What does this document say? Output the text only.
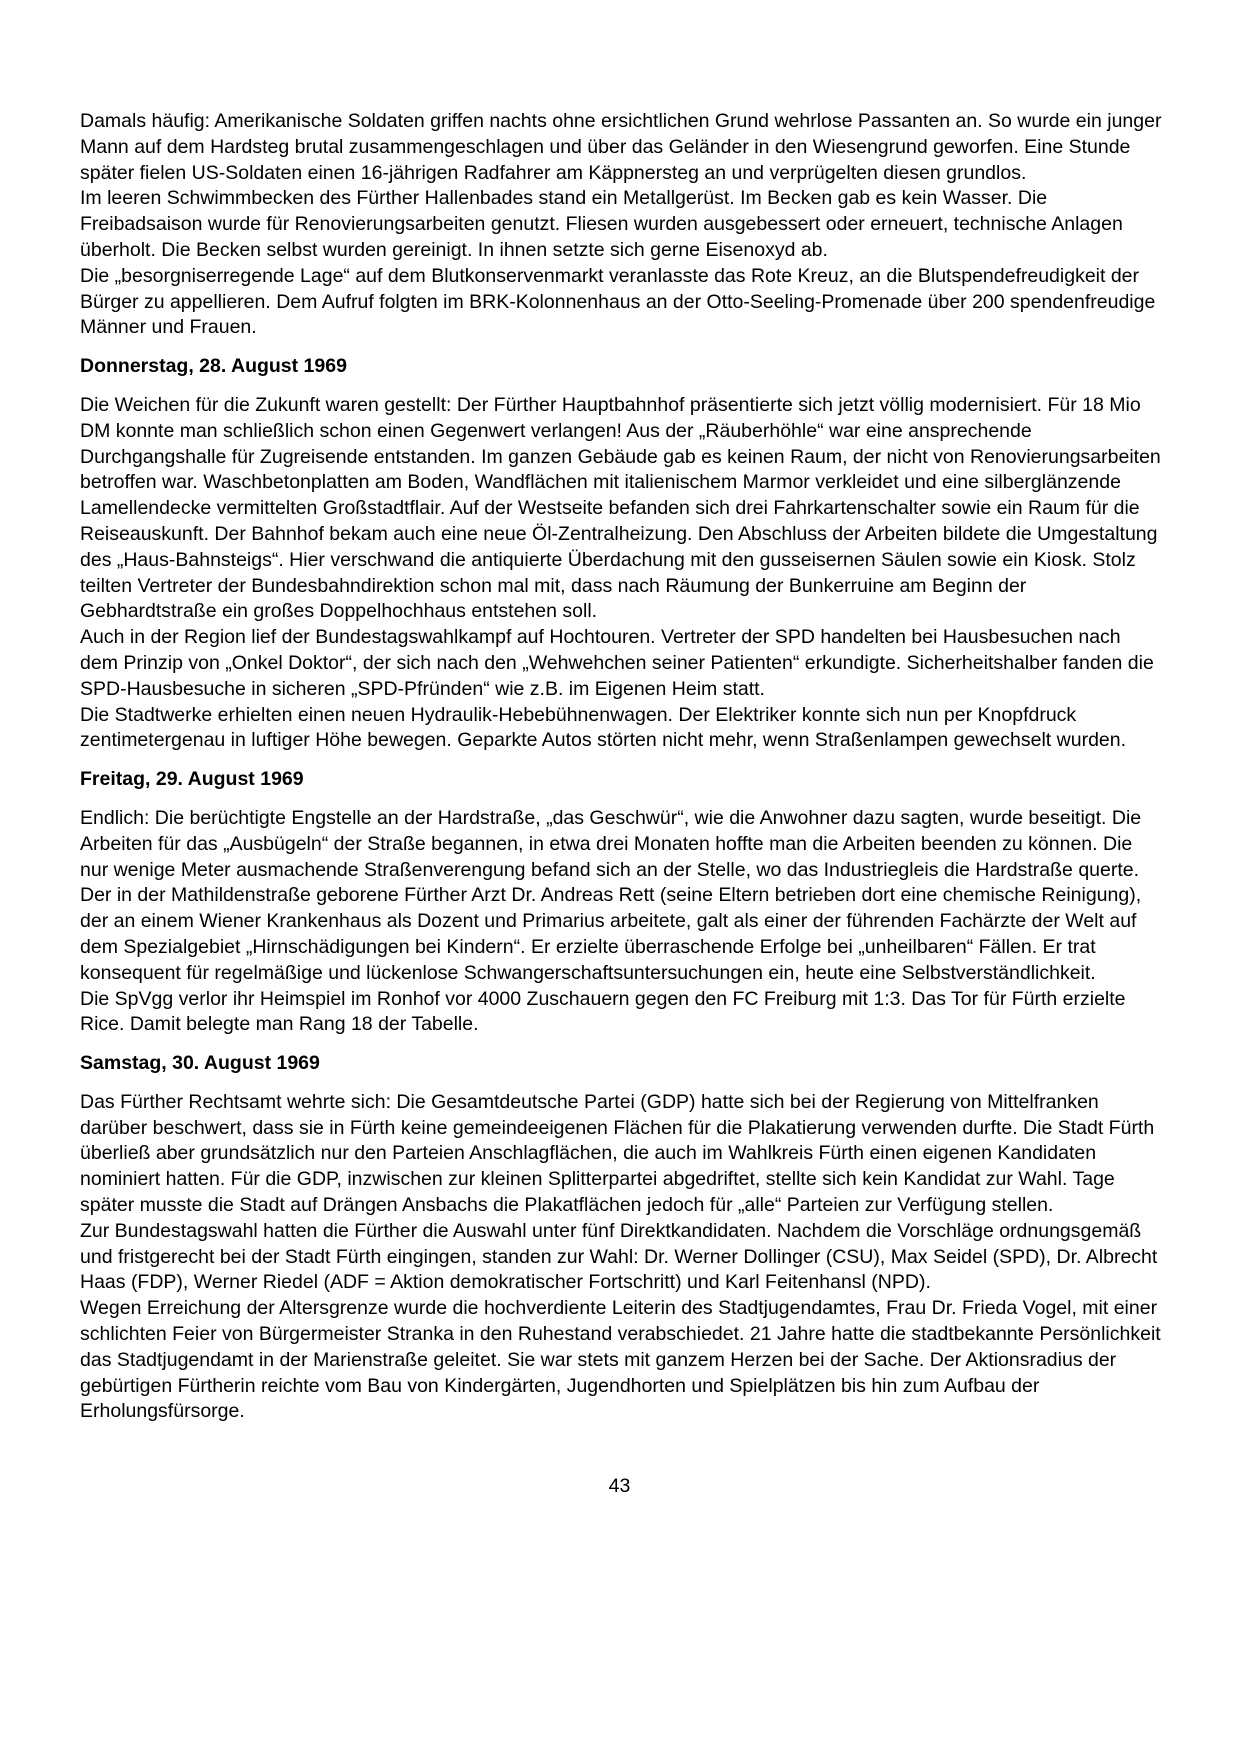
Damals häufig: Amerikanische Soldaten griffen nachts ohne ersichtlichen Grund wehrlose Passanten an. So wurde ein junger Mann auf dem Hardsteg brutal zusammengeschlagen und über das Geländer in den Wiesengrund geworfen. Eine Stunde später fielen US-Soldaten einen 16-jährigen Radfahrer am Käppnersteg an und verprügelten diesen grundlos.
Im leeren Schwimmbecken des Fürther Hallenbades stand ein Metallgerüst. Im Becken gab es kein Wasser. Die Freibadsaison wurde für Renovierungsarbeiten genutzt. Fliesen wurden ausgebessert oder erneuert, technische Anlagen überholt. Die Becken selbst wurden gereinigt. In ihnen setzte sich gerne Eisenoxyd ab.
Die „besorgniserregende Lage“ auf dem Blutkonservenmarkt veranlasste das Rote Kreuz, an die Blutspendefreudigkeit der Bürger zu appellieren. Dem Aufruf folgten im BRK-Kolonnenhaus an der Otto-Seeling-Promenade über 200 spendenfreudige Männer und Frauen.
Donnerstag, 28. August 1969
Die Weichen für die Zukunft waren gestellt: Der Fürther Hauptbahnhof präsentierte sich jetzt völlig modernisiert. Für 18 Mio DM konnte man schließlich schon einen Gegenwert verlangen! Aus der „Räuberhöhle“ war eine ansprechende Durchgangshalle für Zugreisende entstanden. Im ganzen Gebäude gab es keinen Raum, der nicht von Renovierungsarbeiten betroffen war. Waschbetonplatten am Boden, Wandflächen mit italienischem Marmor verkleidet und eine silberglänzende Lamellendecke vermittelten Großstadtflair. Auf der Westseite befanden sich drei Fahrkartenschalter sowie ein Raum für die Reiseauskunft. Der Bahnhof bekam auch eine neue Öl-Zentralheizung. Den Abschluss der Arbeiten bildete die Umgestaltung des „Haus-Bahnsteigs“. Hier verschwand die antiquierte Überdachung mit den gusseisernen Säulen sowie ein Kiosk. Stolz teilten Vertreter der Bundesbahndirektion schon mal mit, dass nach Räumung der Bunkerruine am Beginn der Gebhardtstraße ein großes Doppelhochhaus entstehen soll.
Auch in der Region lief der Bundestagswahlkampf auf Hochtouren. Vertreter der SPD handelten bei Hausbesuchen nach dem Prinzip von „Onkel Doktor“, der sich nach den „Wehwehchen seiner Patienten“ erkundigte. Sicherheitshalber fanden die SPD-Hausbesuche in sicheren „SPD-Pfründen“ wie z.B. im Eigenen Heim statt.
Die Stadtwerke erhielten einen neuen Hydraulik-Hebebühnenwagen. Der Elektriker konnte sich nun per Knopfdruck zentimetergenau in luftiger Höhe bewegen. Geparkte Autos störten nicht mehr, wenn Straßenlampen gewechselt wurden.
Freitag, 29. August 1969
Endlich: Die berüchtigte Engstelle an der Hardstraße, „das Geschwür“, wie die Anwohner dazu sagten, wurde beseitigt. Die Arbeiten für das „Ausbügeln“ der Straße begannen, in etwa drei Monaten hoffte man die Arbeiten beenden zu können. Die nur wenige Meter ausmachende Straßenverengung befand sich an der Stelle, wo das Industriegleis die Hardstraße querte.
Der in der Mathildenstraße geborene Fürther Arzt Dr. Andreas Rett (seine Eltern betrieben dort eine chemische Reinigung), der an einem Wiener Krankenhaus als Dozent und Primarius arbeitete, galt als einer der führenden Fachärzte der Welt auf dem Spezialgebiet „Hirnschädigungen bei Kindern“. Er erzielte überraschende Erfolge bei „unheilbaren“ Fällen. Er trat konsequent für regelmäßige und lückenlose Schwangerschaftsuntersuchungen ein, heute eine Selbstverständlichkeit.
Die SpVgg verlor ihr Heimspiel im Ronhof vor 4000 Zuschauern gegen den FC Freiburg mit 1:3. Das Tor für Fürth erzielte Rice. Damit belegte man Rang 18 der Tabelle.
Samstag, 30. August 1969
Das Fürther Rechtsamt wehrte sich: Die Gesamtdeutsche Partei (GDP) hatte sich bei der Regierung von Mittelfranken darüber beschwert, dass sie in Fürth keine gemeindeeigenen Flächen für die Plakatierung verwenden durfte. Die Stadt Fürth überließ aber grundsätzlich nur den Parteien Anschlagflächen, die auch im Wahlkreis Fürth einen eigenen Kandidaten nominiert hatten. Für die GDP, inzwischen zur kleinen Splitterpartei abgedriftet, stellte sich kein Kandidat zur Wahl. Tage später musste die Stadt auf Drängen Ansbachs die Plakatflächen jedoch für „alle“ Parteien zur Verfügung stellen.
Zur Bundestagswahl hatten die Fürther die Auswahl unter fünf Direktkandidaten. Nachdem die Vorschläge ordnungsgemäß und fristgerecht bei der Stadt Fürth eingingen, standen zur Wahl: Dr. Werner Dollinger (CSU), Max Seidel (SPD), Dr. Albrecht Haas (FDP), Werner Riedel (ADF = Aktion demokratischer Fortschritt) und Karl Feitenhansl (NPD).
Wegen Erreichung der Altersgrenze wurde die hochverdiente Leiterin des Stadtjugendamtes, Frau Dr. Frieda Vogel, mit einer schlichten Feier von Bürgermeister Stranka in den Ruhestand verabschiedet. 21 Jahre hatte die stadtbekannte Persönlichkeit das Stadtjugendamt in der Marienstraße geleitet. Sie war stets mit ganzem Herzen bei der Sache. Der Aktionsradius der gebürtigen Fürtherin reichte vom Bau von Kindergärten, Jugendhorten und Spielplätzen bis hin zum Aufbau der Erholungsfürsorge.
43
